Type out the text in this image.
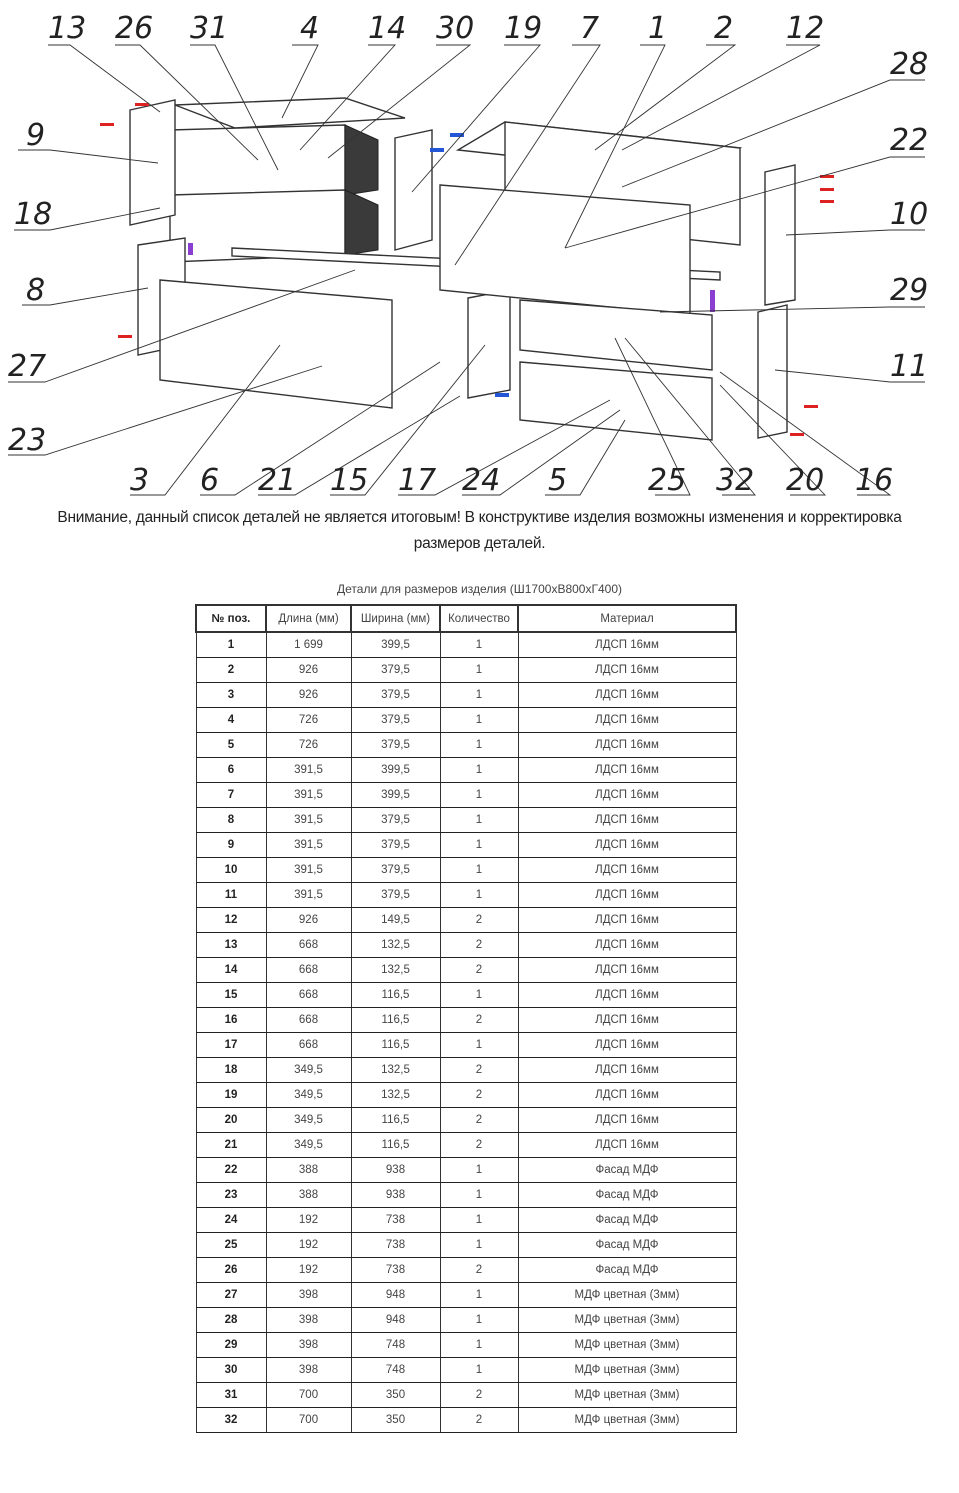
13 26 31 4 14 30 19 7 1 2 12
9
18
8
27
23
28
22
10
29
11
3 6 21 15 17 24 5	25 32 20 16
Внимание, данный список деталей не является итоговым! В конструктиве изделия возможны изменения и корректировка размеров деталей.
Детали для размеров изделия (Ш1700хВ800хГ400)
№ поз.	Длина (мм)	Ширина (мм)	Количество	Материал
1	1 699	399,5	1	ЛДСП 16мм
2	926	379,5	1	ЛДСП 16мм
3	926	379,5	1	ЛДСП 16мм
4	726	379,5	1	ЛДСП 16мм
5	726	379,5	1	ЛДСП 16мм
6	391,5	399,5	1	ЛДСП 16мм
7	391,5	399,5	1	ЛДСП 16мм
8	391,5	379,5	1	ЛДСП 16мм
9	391,5	379,5	1	ЛДСП 16мм
10	391,5	379,5	1	ЛДСП 16мм
11	391,5	379,5	1	ЛДСП 16мм
12	926	149,5	2	ЛДСП 16мм
13	668	132,5	2	ЛДСП 16мм
14	668	132,5	2	ЛДСП 16мм
15	668	116,5	1	ЛДСП 16мм
16	668	116,5	2	ЛДСП 16мм
17	668	116,5	1	ЛДСП 16мм
18	349,5	132,5	2	ЛДСП 16мм
19	349,5	132,5	2	ЛДСП 16мм
20	349,5	116,5	2	ЛДСП 16мм
21	349,5	116,5	2	ЛДСП 16мм
22	388	938	1	Фасад МДФ
23	388	938	1	Фасад МДФ
24	192	738	1	Фасад МДФ
25	192	738	1	Фасад МДФ
26	192	738	2	Фасад МДФ
27	398	948	1	МДФ цветная (3мм)
28	398	948	1	МДФ цветная (3мм)
29	398	748	1	МДФ цветная (3мм)
30	398	748	1	МДФ цветная (3мм)
31	700	350	2	МДФ цветная (3мм)
32	700	350	2	МДФ цветная (3мм)
